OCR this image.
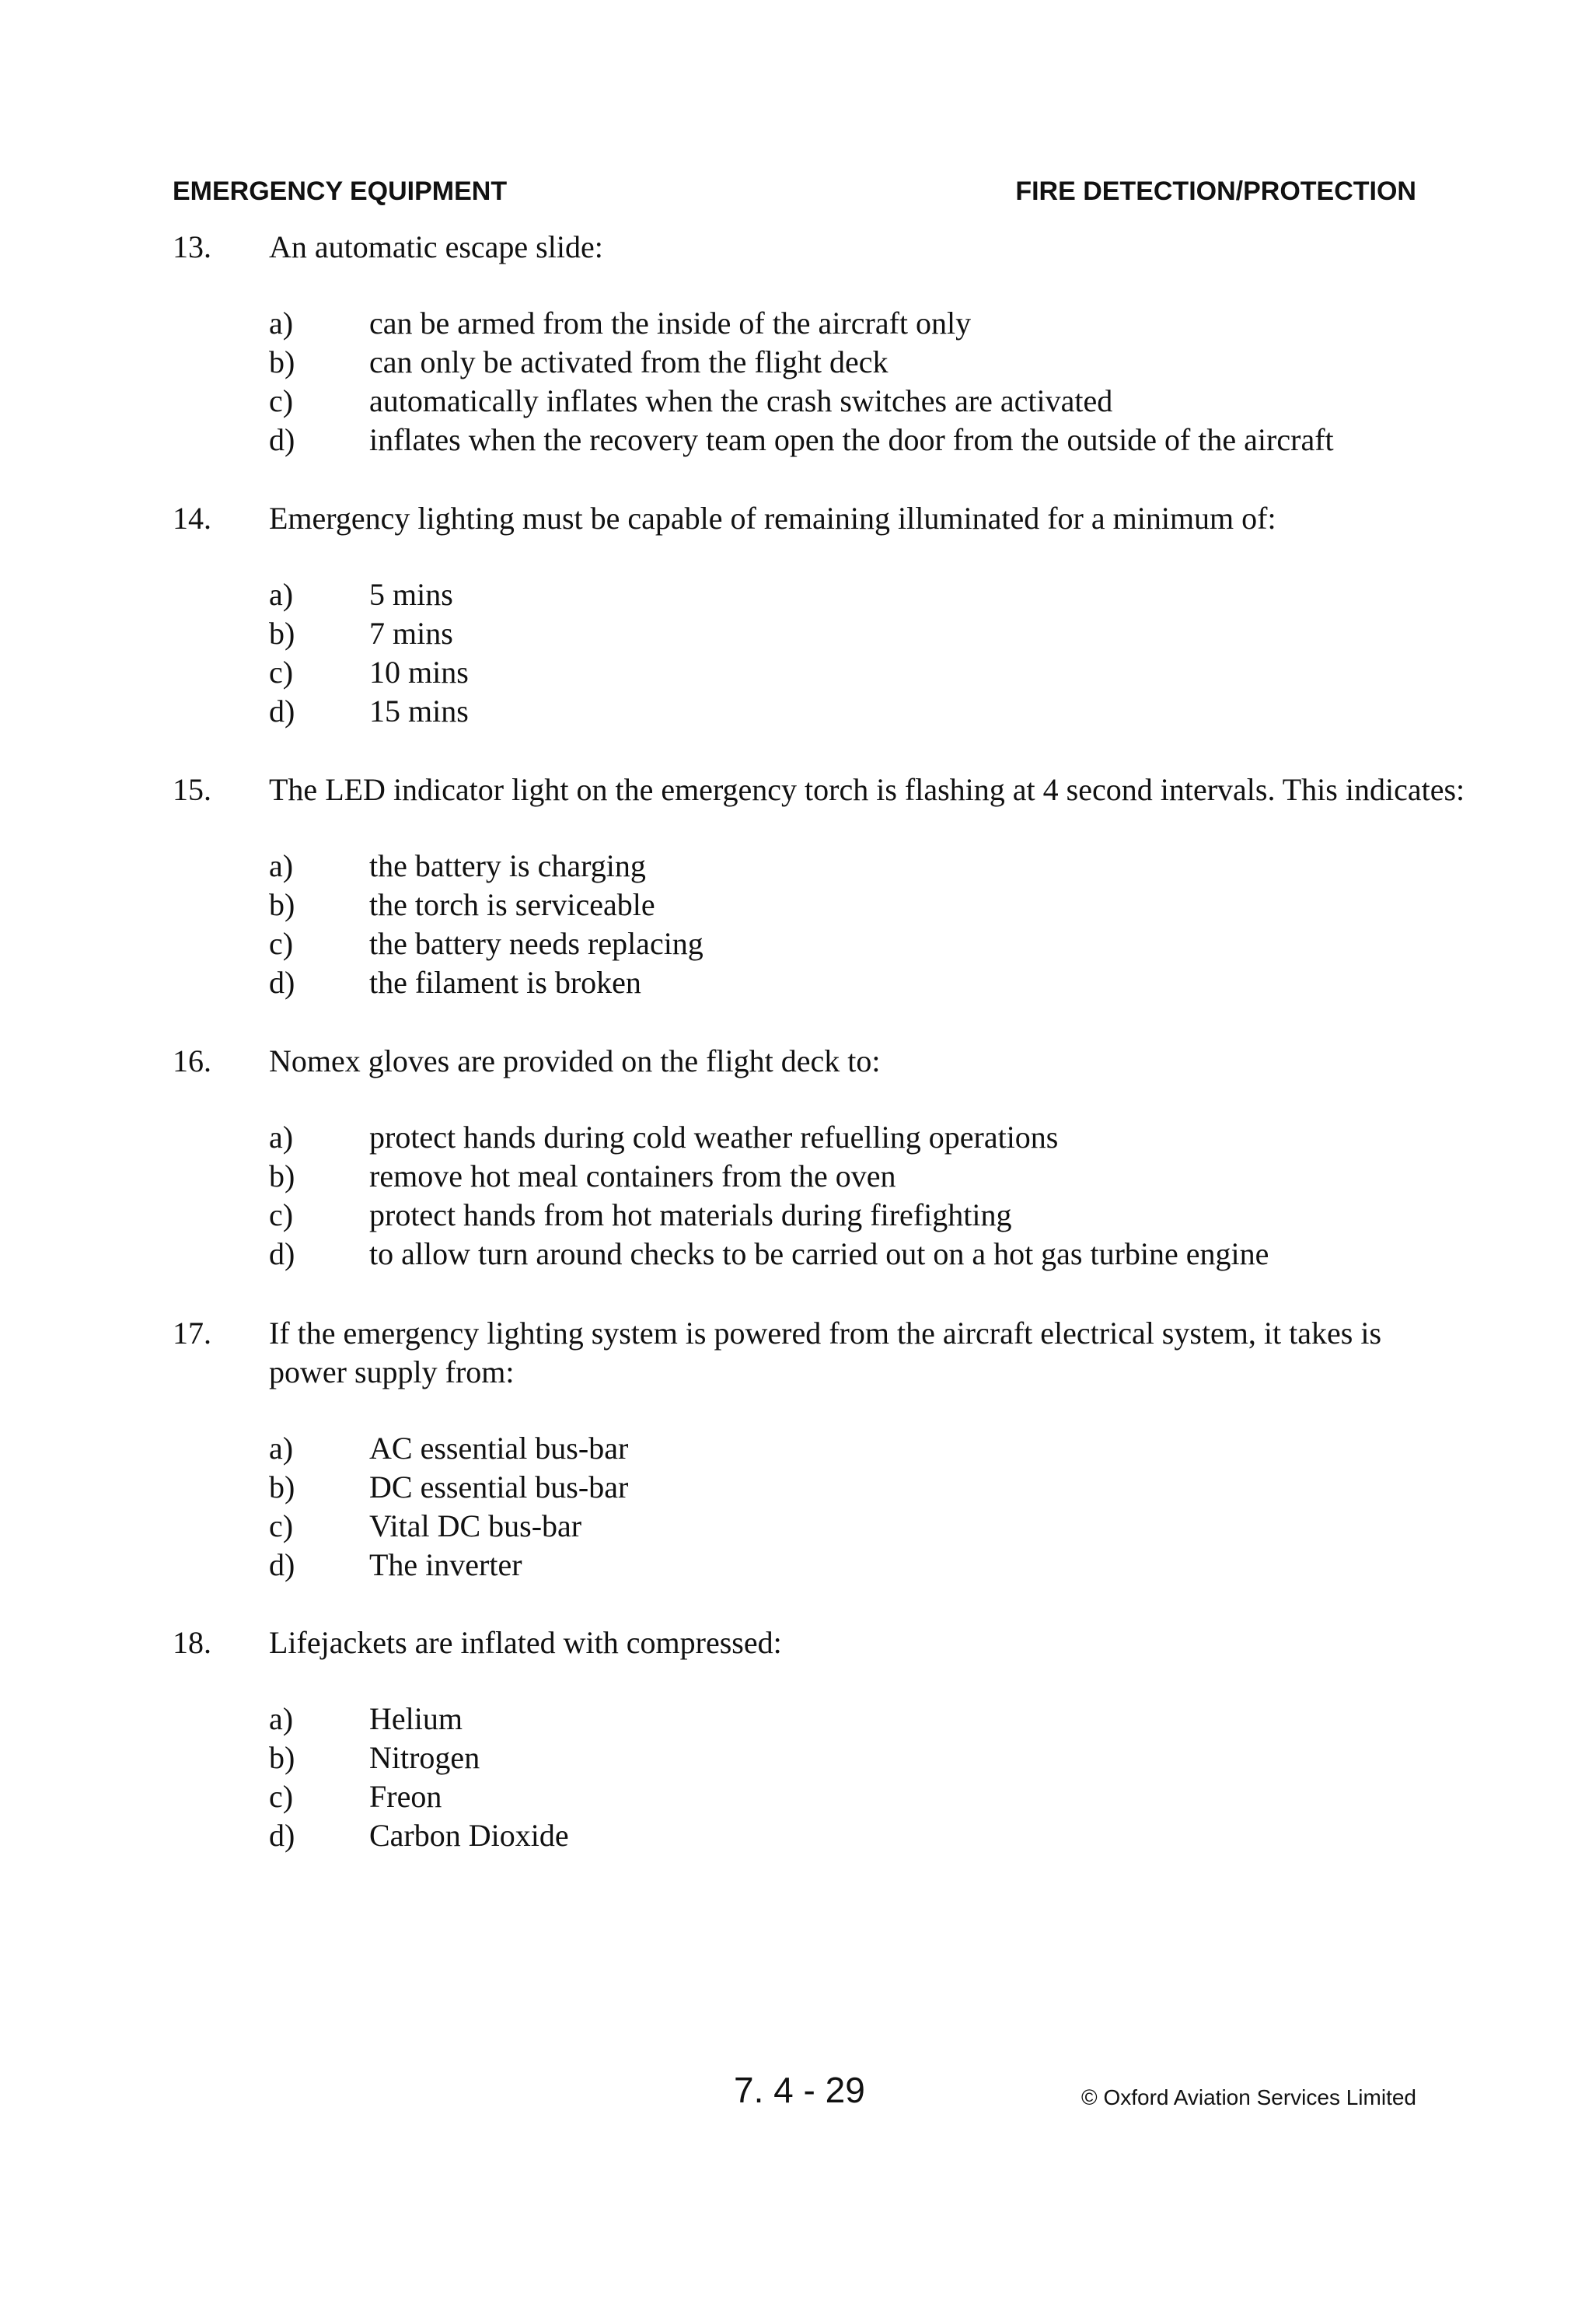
EMERGENCY EQUIPMENT	FIRE DETECTION/PROTECTION
13. An automatic escape slide:
a) can be armed from the inside of the aircraft only
b) can only be activated from the flight deck
c) automatically inflates when the crash switches are activated
d) inflates when the recovery team open the door from the outside of the aircraft
14. Emergency lighting must be capable of remaining illuminated for a minimum of:
a) 5 mins
b) 7 mins
c) 10 mins
d) 15 mins
15. The LED indicator light on the emergency torch is flashing at 4 second intervals. This indicates:
a) the battery is charging
b) the torch is serviceable
c) the battery needs replacing
d) the filament is broken
16. Nomex gloves are provided on the flight deck to:
a) protect hands during cold weather refuelling operations
b) remove hot meal containers from the oven
c) protect hands from hot materials during firefighting
d) to allow turn around checks to be carried out on a hot gas turbine engine
17. If the emergency lighting system is powered from the aircraft electrical system, it takes is power supply from:
a) AC essential bus-bar
b) DC essential bus-bar
c) Vital DC bus-bar
d) The inverter
18. Lifejackets are inflated with compressed:
a) Helium
b) Nitrogen
c) Freon
d) Carbon Dioxide
7. 4 - 29	© Oxford Aviation Services Limited
